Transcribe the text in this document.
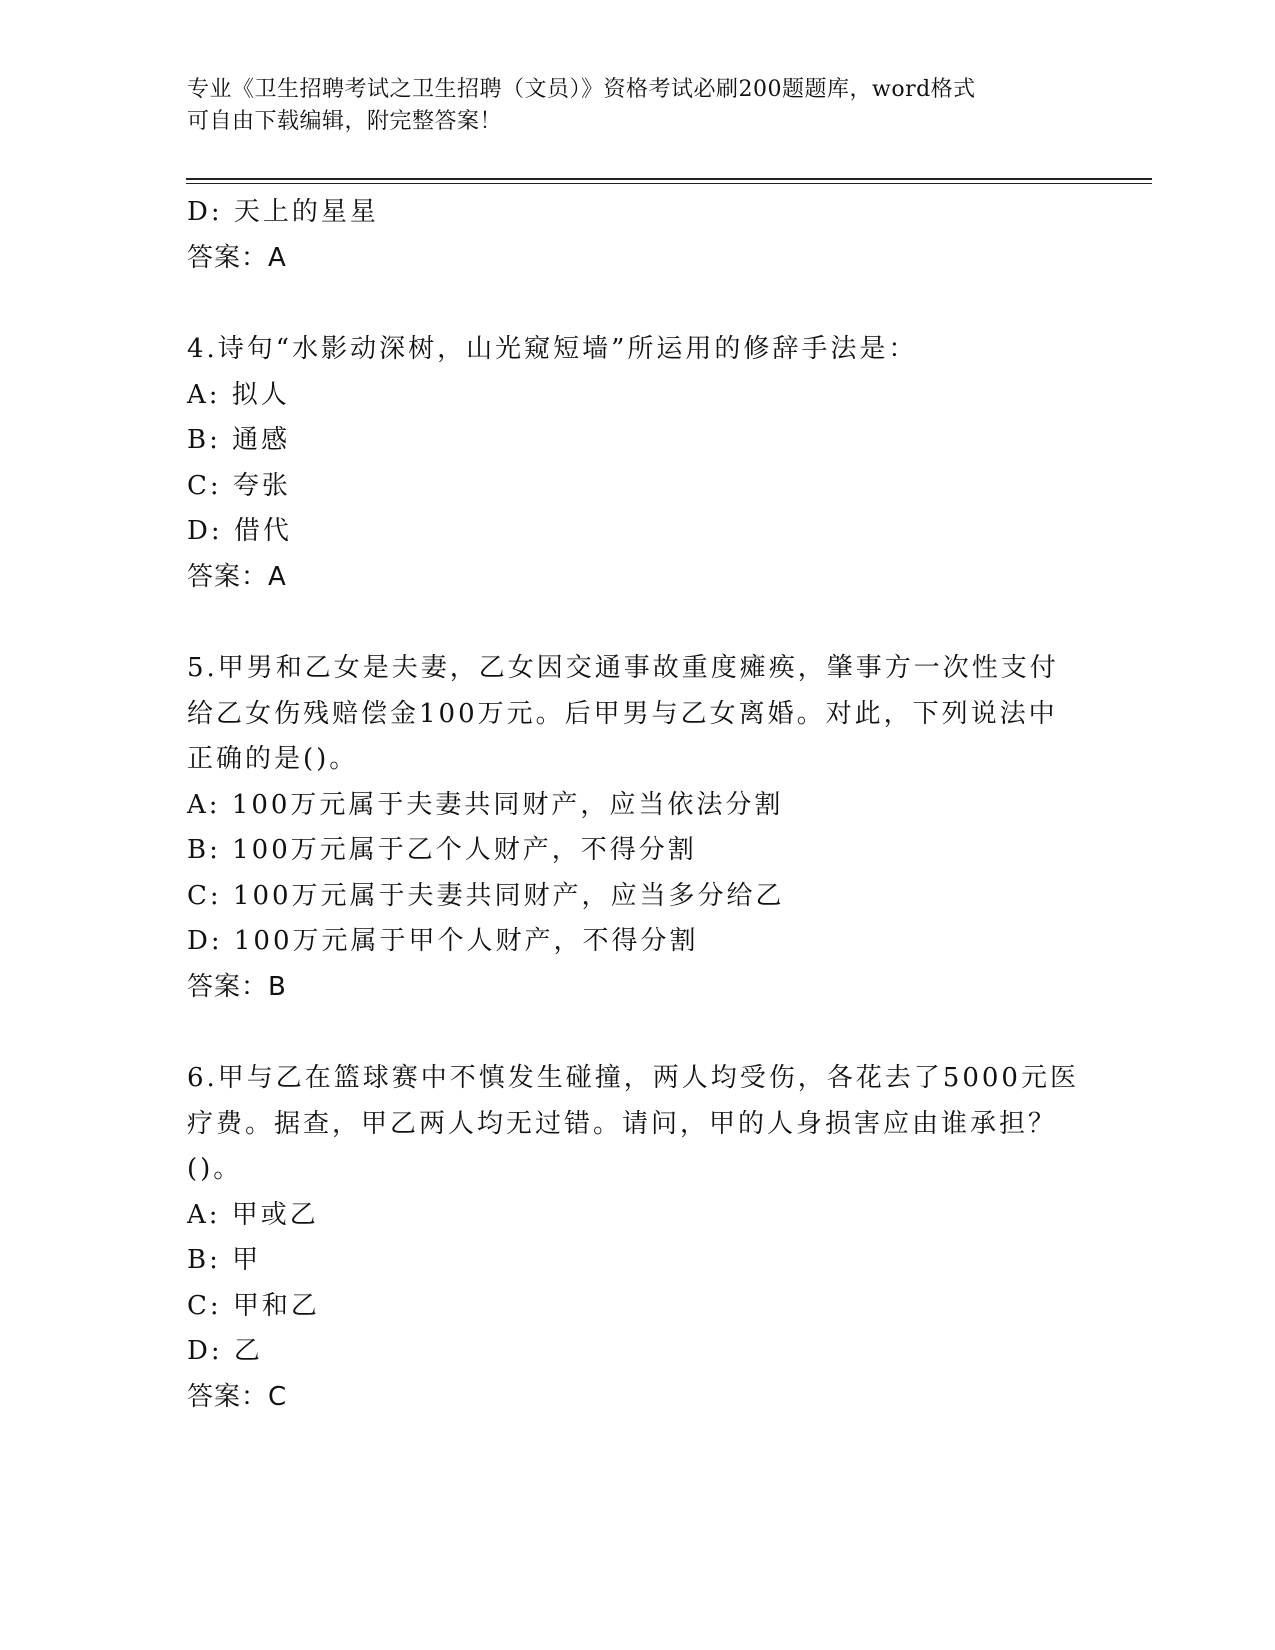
专业《卫生招聘考试之卫生招聘（文员）》资格考试必刷200题题库，word格式
可自由下载编辑，附完整答案！
D: 天上的星星
答案：A
4.诗句“水影动深树，山光窥短墙”所运用的修辞手法是：
A: 拟人
B: 通感
C: 夸张
D: 借代
答案：A
5.甲男和乙女是夫妻，乙女因交通事故重度瘫痪，肇事方一次性支付
给乙女伤残赔偿金100万元。后甲男与乙女离婚。对此，下列说法中
正确的是()。
A: 100万元属于夫妻共同财产，应当依法分割
B: 100万元属于乙个人财产，不得分割
C: 100万元属于夫妻共同财产，应当多分给乙
D: 100万元属于甲个人财产，不得分割
答案：B
6.甲与乙在篮球赛中不慎发生碰撞，两人均受伤，各花去了5000元医
疗费。据查，甲乙两人均无过错。请问，甲的人身损害应由谁承担？
()。
A: 甲或乙
B: 甲
C: 甲和乙
D: 乙
答案：C
